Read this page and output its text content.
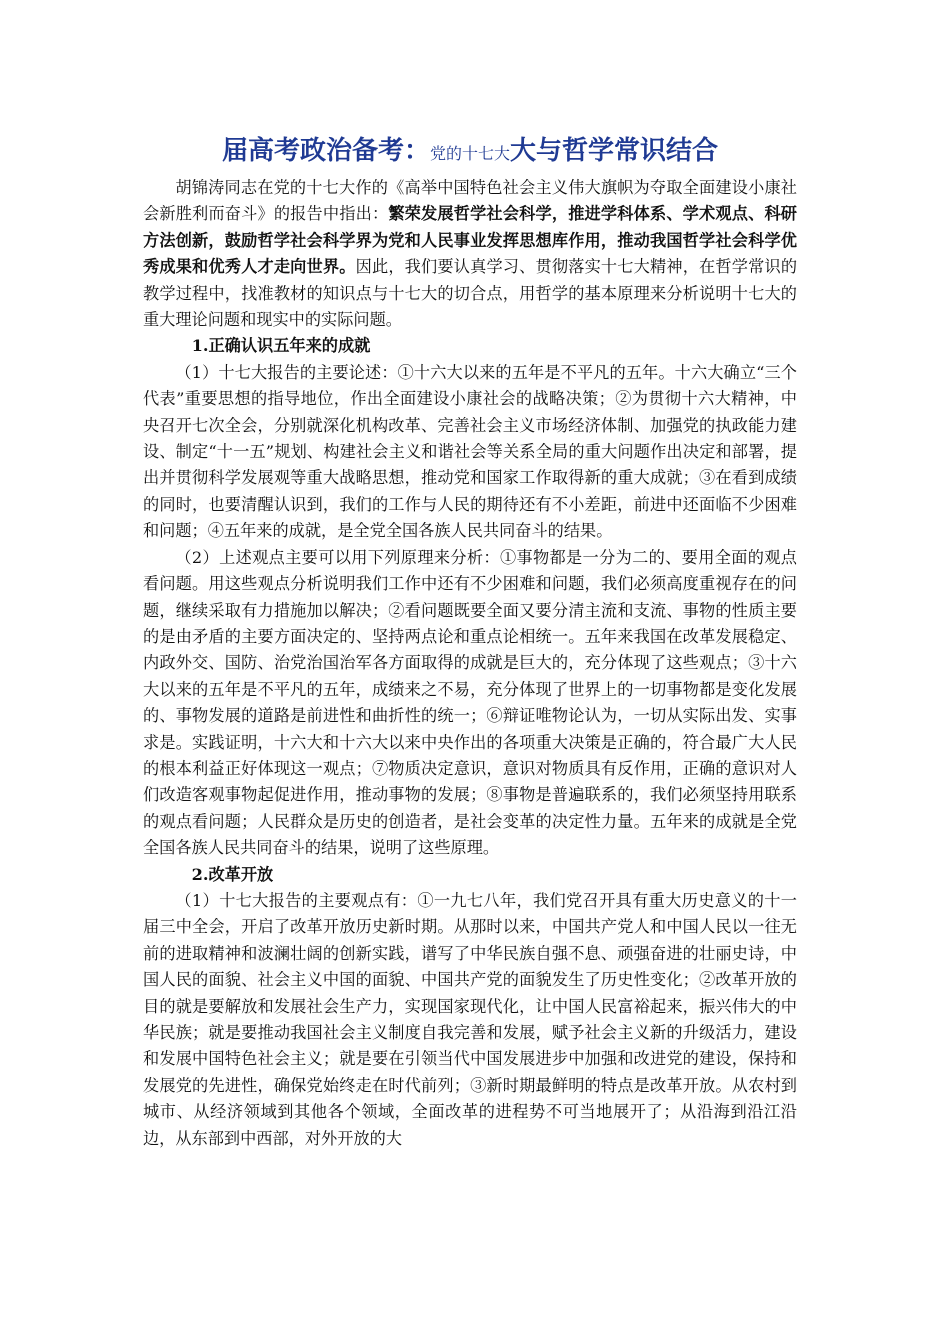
届高考政治备考：党的十七大大与哲学常识结合

胡锦涛同志在党的十七大作的《高举中国特色社会主义伟大旗帜为夺取全面建设小康社会新胜利而奋斗》的报告中指出：繁荣发展哲学社会科学，推进学科体系、学术观点、科研方法创新，鼓励哲学社会科学界为党和人民事业发挥思想库作用，推动我国哲学社会科学优秀成果和优秀人才走向世界。因此，我们要认真学习、贯彻落实十七大精神，在哲学常识的教学过程中，找准教材的知识点与十七大的切合点，用哲学的基本原理来分析说明十七大的重大理论问题和现实中的实际问题。

1.正确认识五年来的成就

（1）十七大报告的主要论述：①十六大以来的五年是不平凡的五年。十六大确立“三个代表”重要思想的指导地位，作出全面建设小康社会的战略决策；②为贯彻十六大精神，中央召开七次全会，分别就深化机构改革、完善社会主义市场经济体制、加强党的执政能力建设、制定“十一五”规划、构建社会主义和谐社会等关系全局的重大问题作出决定和部署，提出并贯彻科学发展观等重大战略思想，推动党和国家工作取得新的重大成就；③在看到成绩的同时，也要清醒认识到，我们的工作与人民的期待还有不小差距，前进中还面临不少困难和问题；④五年来的成就，是全党全国各族人民共同奋斗的结果。

（2）上述观点主要可以用下列原理来分析：①事物都是一分为二的、要用全面的观点看问题。用这些观点分析说明我们工作中还有不少困难和问题，我们必须高度重视存在的问题，继续采取有力措施加以解决；②看问题既要全面又要分清主流和支流、事物的性质主要的是由矛盾的主要方面决定的、坚持两点论和重点论相统一。五年来我国在改革发展稳定、内政外交、国防、治党治国治军各方面取得的成就是巨大的，充分体现了这些观点；③十六大以来的五年是不平凡的五年，成绩来之不易，充分体现了世界上的一切事物都是变化发展的、事物发展的道路是前进性和曲折性的统一；⑥辩证唯物论认为，一切从实际出发、实事求是。实践证明，十六大和十六大以来中央作出的各项重大决策是正确的，符合最广大人民的根本利益正好体现这一观点；⑦物质决定意识，意识对物质具有反作用，正确的意识对人们改造客观事物起促进作用，推动事物的发展；⑧事物是普遍联系的，我们必须坚持用联系的观点看问题；人民群众是历史的创造者，是社会变革的决定性力量。五年来的成就是全党全国各族人民共同奋斗的结果，说明了这些原理。

2.改革开放

（1）十七大报告的主要观点有：①一九七八年，我们党召开具有重大历史意义的十一届三中全会，开启了改革开放历史新时期。从那时以来，中国共产党人和中国人民以一往无前的进取精神和波澜壮阔的创新实践，谱写了中华民族自强不息、顽强奋进的壮丽史诗，中国人民的面貌、社会主义中国的面貌、中国共产党的面貌发生了历史性变化；②改革开放的目的就是要解放和发展社会生产力，实现国家现代化，让中国人民富裕起来，振兴伟大的中华民族；就是要推动我国社会主义制度自我完善和发展，赋予社会主义新的升级活力，建设和发展中国特色社会主义；就是要在引领当代中国发展进步中加强和改进党的建设，保持和发展党的先进性，确保党始终走在时代前列；③新时期最鲜明的特点是改革开放。从农村到城市、从经济领域到其他各个领域，全面改革的进程势不可当地展开了；从沿海到沿江沿边，从东部到中西部，对外开放的大
